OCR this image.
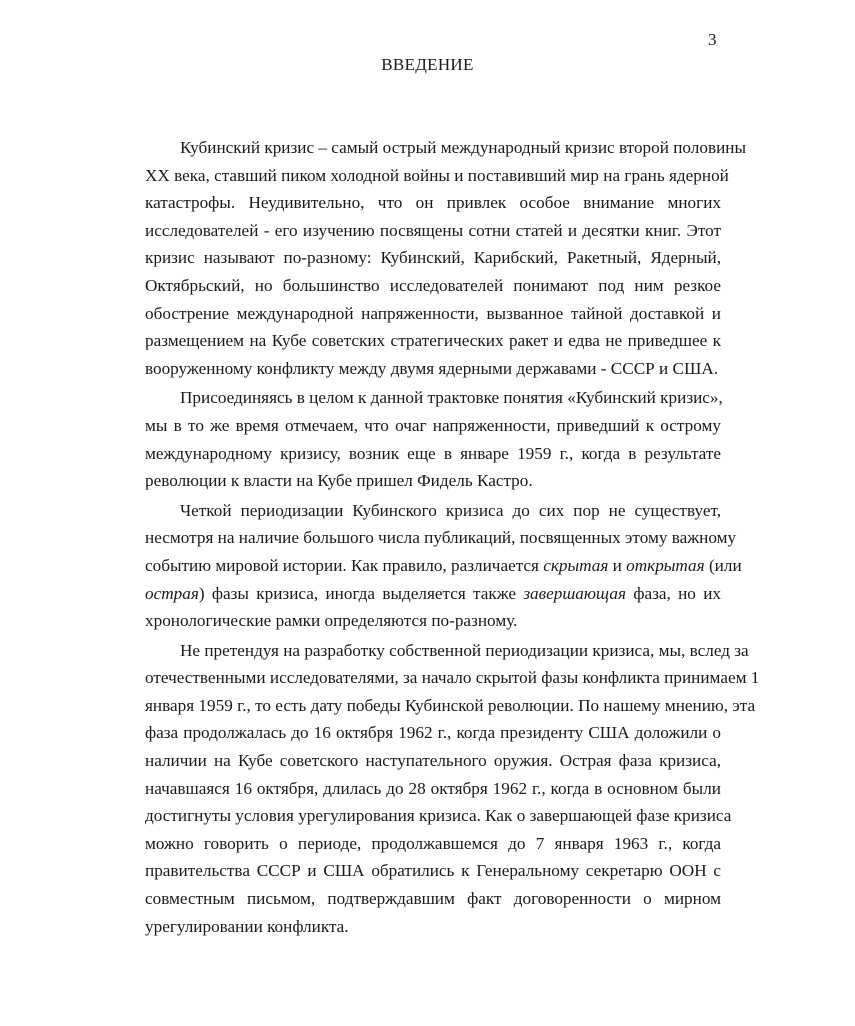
3
ВВЕДЕНИЕ
Кубинский кризис – самый острый международный кризис второй половины
XX века, ставший пиком холодной войны и поставивший мир на грань ядерной
катастрофы. Неудивительно, что он привлек особое внимание многих
исследователей - его изучению посвящены сотни статей и десятки книг. Этот
кризис называют по-разному: Кубинский, Карибский, Ракетный, Ядерный,
Октябрьский, но большинство исследователей понимают под ним резкое
обострение международной напряженности, вызванное тайной доставкой и
размещением на Кубе советских стратегических ракет и едва не приведшее к
вооруженному конфликту между двумя ядерными державами - СССР и США.
Присоединяясь в целом к данной трактовке понятия «Кубинский кризис»,
мы в то же время отмечаем, что очаг напряженности, приведший к острому
международному кризису, возник еще в январе 1959 г., когда в результате
революции к власти на Кубе пришел Фидель Кастро.
Четкой периодизации Кубинского кризиса до сих пор не существует,
несмотря на наличие большого числа публикаций, посвященных этому важному
событию мировой истории. Как правило, различается скрытая и открытая (или
острая) фазы кризиса, иногда выделяется также завершающая фаза, но их
хронологические рамки определяются по-разному.
Не претендуя на разработку собственной периодизации кризиса, мы, вслед за
отечественными исследователями, за начало скрытой фазы конфликта принимаем 1
января 1959 г., то есть дату победы Кубинской революции. По нашему мнению, эта
фаза продолжалась до 16 октября 1962 г., когда президенту США доложили о
наличии на Кубе советского наступательного оружия. Острая фаза кризиса,
начавшаяся 16 октября, длилась до 28 октября 1962 г., когда в основном были
достигнуты условия урегулирования кризиса. Как о завершающей фазе кризиса
можно говорить о периоде, продолжавшемся до 7 января 1963 г., когда
правительства СССР и США обратились к Генеральному секретарю ООН с
совместным письмом, подтверждавшим факт договоренности о мирном
урегулировании конфликта.
